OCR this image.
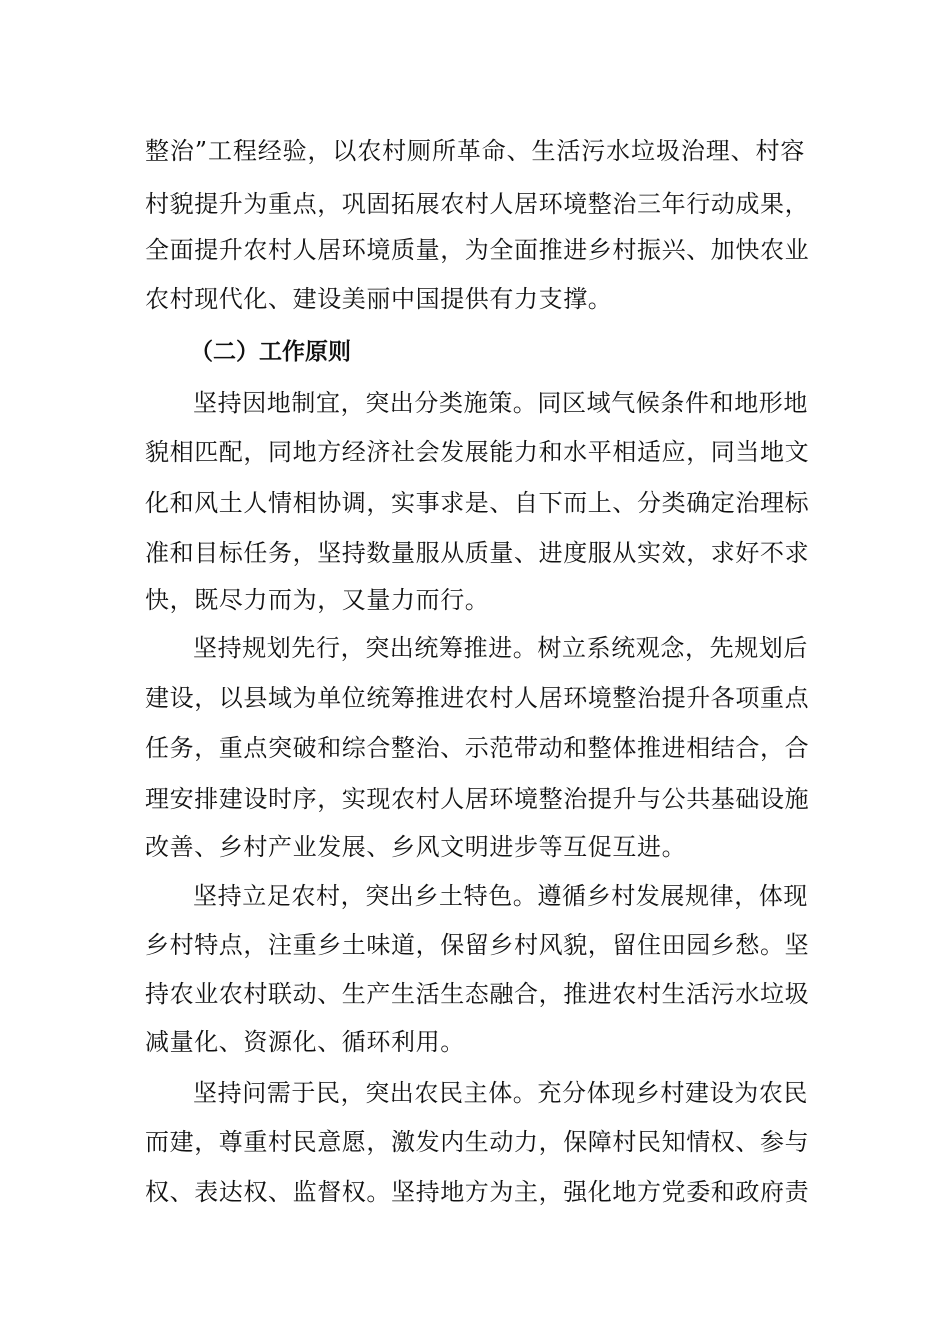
整治”工程经验，以农村厕所革命、生活污水垃圾治理、村容
村貌提升为重点，巩固拓展农村人居环境整治三年行动成果，
全面提升农村人居环境质量，为全面推进乡村振兴、加快农业
农村现代化、建设美丽中国提供有力支撑。
（二）工作原则
坚持因地制宜，突出分类施策。同区域气候条件和地形地
貌相匹配，同地方经济社会发展能力和水平相适应，同当地文
化和风土人情相协调，实事求是、自下而上、分类确定治理标
准和目标任务，坚持数量服从质量、进度服从实效，求好不求
快，既尽力而为，又量力而行。
坚持规划先行，突出统筹推进。树立系统观念，先规划后
建设，以县域为单位统筹推进农村人居环境整治提升各项重点
任务，重点突破和综合整治、示范带动和整体推进相结合，合
理安排建设时序，实现农村人居环境整治提升与公共基础设施
改善、乡村产业发展、乡风文明进步等互促互进。
坚持立足农村，突出乡土特色。遵循乡村发展规律，体现
乡村特点，注重乡土味道，保留乡村风貌，留住田园乡愁。坚
持农业农村联动、生产生活生态融合，推进农村生活污水垃圾
减量化、资源化、循环利用。
坚持问需于民，突出农民主体。充分体现乡村建设为农民
而建，尊重村民意愿，激发内生动力，保障村民知情权、参与
权、表达权、监督权。坚持地方为主，强化地方党委和政府责
